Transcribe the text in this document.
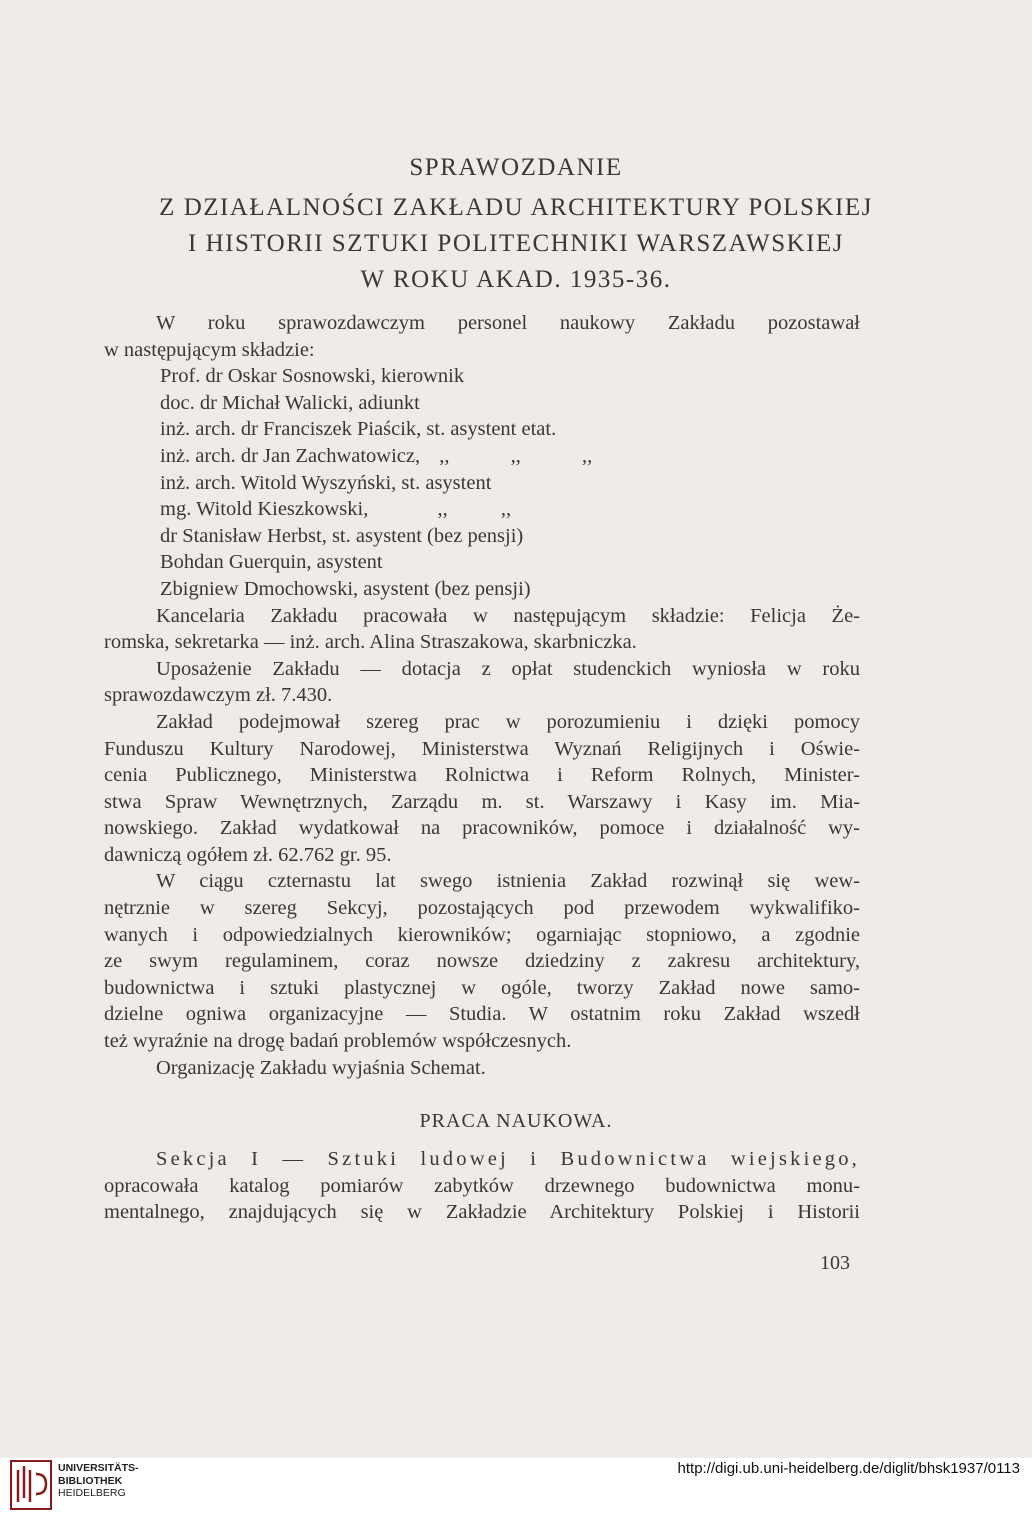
SPRAWOZDANIE
Z DZIAŁALNOŚCI ZAKŁADU ARCHITEKTURY POLSKIEJ
I HISTORII SZTUKI POLITECHNIKI WARSZAWSKIEJ
W ROKU AKAD. 1935-36.
W roku sprawozdawczym personel naukowy Zakładu pozostawał
w następującym składzie:
Prof. dr Oskar Sosnowski, kierownik
doc. dr Michał Walicki, adiunkt
inż. arch. dr Franciszek Piaścik, st. asystent etat.
inż. arch. dr Jan Zachwatowicz, ,,	,,	,,
inż. arch. Witold Wyszyński, st. asystent
mg. Witold Kieszkowski,	,,	,,
dr Stanisław Herbst, st. asystent (bez pensji)
Bohdan Guerquin, asystent
Zbigniew Dmochowski, asystent (bez pensji)
Kancelaria Zakładu pracowała w następującym składzie: Felicja Że-
romska, sekretarka — inż. arch. Alina Straszakowa, skarbniczka.
Uposażenie Zakładu — dotacja z opłat studenckich wyniosła w roku
sprawozdawczym zł. 7.430.
Zakład podejmował szereg prac w porozumieniu i dzięki pomocy
Funduszu Kultury Narodowej, Ministerstwa Wyznań Religijnych i Oświe-
cenia Publicznego, Ministerstwa Rolnictwa i Reform Rolnych, Minister-
stwa Spraw Wewnętrznych, Zarządu m. st. Warszawy i Kasy im. Mia-
nowskiego. Zakład wydatkował na pracowników, pomoce i działalność wy-
dawniczą ogółem zł. 62.762 gr. 95.
W ciągu czternastu lat swego istnienia Zakład rozwinął się wew-
nętrznie w szereg Sekcyj, pozostających pod przewodem wykwalifiko-
wanych i odpowiedzialnych kierowników; ogarniając stopniowo, a zgodnie
ze swym regulaminem, coraz nowsze dziedziny z zakresu architektury,
budownictwa i sztuki plastycznej w ogóle, tworzy Zakład nowe samo-
dzielne ogniwa organizacyjne — Studia. W ostatnim roku Zakład wszedł
też wyraźnie na drogę badań problemów współczesnych.
Organizację Zakładu wyjaśnia Schemat.
PRACA NAUKOWA.
Sekcja I — Sztuki ludowej i Budownictwa wiejskiego,
opracowała katalog pomiarów zabytków drzewnego budownictwa monu-
mentalnego, znajdujących się w Zakładzie Architektury Polskiej i Historii
103
UNIVERSITÄTS-
BIBLIOTHEK
HEIDELBERG
http://digi.ub.uni-heidelberg.de/diglit/bhsk1937/0113
